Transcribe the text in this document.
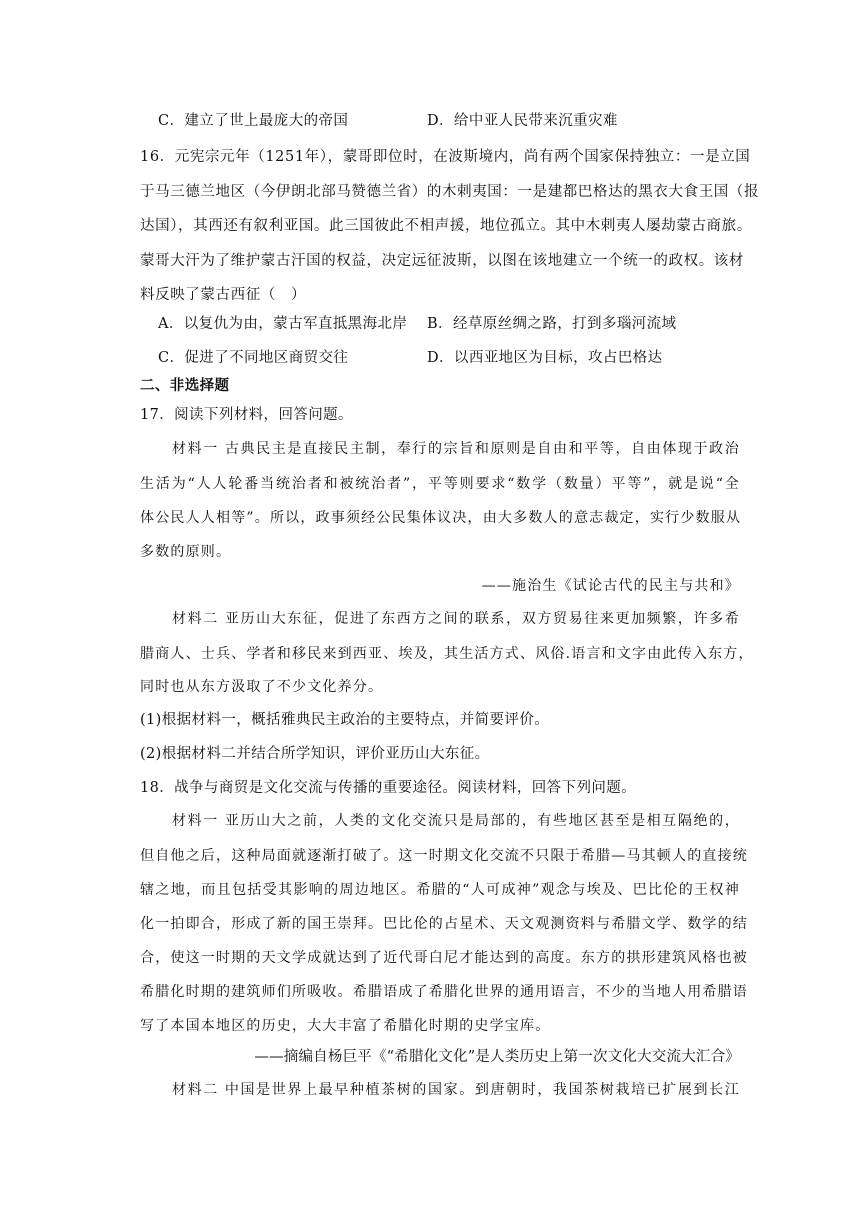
C．建立了世上最庞大的帝国	D．给中亚人民带来沉重灾难
16．元宪宗元年（1251年），蒙哥即位时，在波斯境内，尚有两个国家保持独立：一是立国
于马三德兰地区（今伊朗北部马赞德兰省）的木剌夷国：一是建都巴格达的黑衣大食王国（报
达国），其西还有叙利亚国。此三国彼此不相声援，地位孤立。其中木剌夷人屡劫蒙古商旅。
蒙哥大汗为了维护蒙古汗国的权益，决定远征波斯，以图在该地建立一个统一的政权。该材
料反映了蒙古西征（　）
A．以复仇为由，蒙古军直抵黑海北岸 B．经草原丝绸之路，打到多瑙河流域
C．促进了不同地区商贸交往	D．以西亚地区为目标，攻占巴格达
二、非选择题
17．阅读下列材料，回答问题。
材料一 古典民主是直接民主制，奉行的宗旨和原则是自由和平等，自由体现于政治
生活为“人人轮番当统治者和被统治者”，平等则要求“数学（数量）平等”，就是说“全
体公民人人相等”。所以，政事须经公民集体议决，由大多数人的意志裁定，实行少数服从
多数的原则。
——施治生《试论古代的民主与共和》
材料二 亚历山大东征，促进了东西方之间的联系，双方贸易往来更加频繁，许多希
腊商人、士兵、学者和移民来到西亚、埃及，其生活方式、风俗.语言和文字由此传入东方，
同时也从东方汲取了不少文化养分。
(1)根据材料一，概括雅典民主政治的主要特点，并简要评价。
(2)根据材料二并结合所学知识，评价亚历山大东征。
18．战争与商贸是文化交流与传播的重要途径。阅读材料，回答下列问题。
材料一 亚历山大之前，人类的文化交流只是局部的，有些地区甚至是相互隔绝的，
但自他之后，这种局面就逐渐打破了。这一时期文化交流不只限于希腊—马其顿人的直接统
辖之地，而且包括受其影响的周边地区。希腊的“人可成神”观念与埃及、巴比伦的王权神
化一拍即合，形成了新的国王崇拜。巴比伦的占星术、天文观测资料与希腊文学、数学的结
合，使这一时期的天文学成就达到了近代哥白尼才能达到的高度。东方的拱形建筑风格也被
希腊化时期的建筑师们所吸收。希腊语成了希腊化世界的通用语言，不少的当地人用希腊语
写了本国本地区的历史，大大丰富了希腊化时期的史学宝库。
——摘编自杨巨平《“希腊化文化”是人类历史上第一次文化大交流大汇合》
材料二 中国是世界上最早种植茶树的国家。到唐朝时，我国茶树栽培已扩展到长江
